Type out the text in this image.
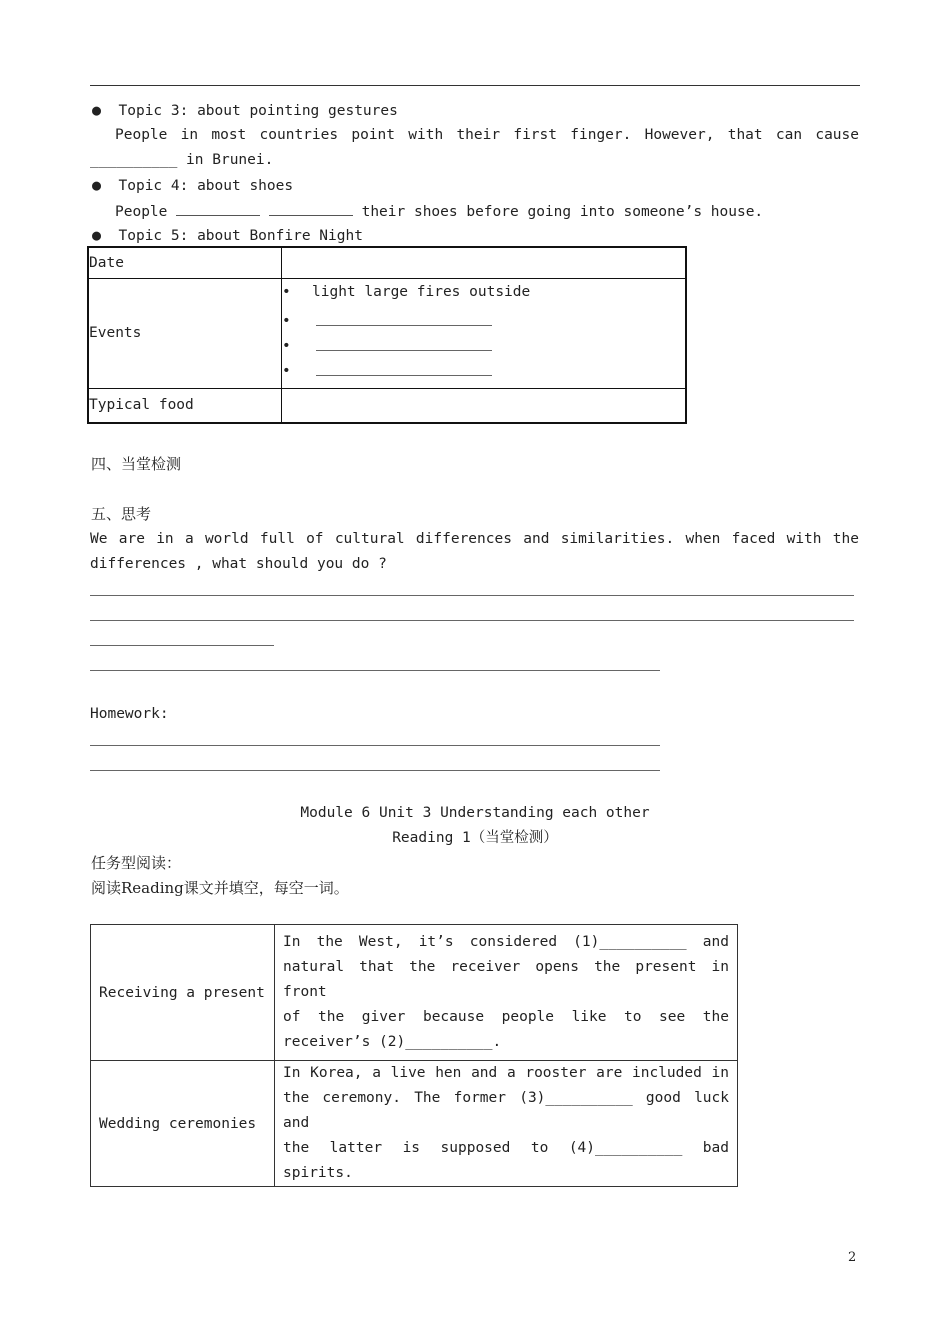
● Topic 3: about pointing gestures
People in most countries point with their first finger. However, that can cause
__________ in Brunei.
● Topic 4: about shoes
People	their shoes before going into someone’s house.
● Topic 5: about Bonfire Night
Date	
Events	• light large fires outside
•
•
•

Typical food	
四、当堂检测
五、思考
We are in a world full of cultural differences and similarities. when faced with the
differences , what should you do ?
Homework:
Module 6 Unit 3 Understanding each other
Reading 1（当堂检测）
任务型阅读：
阅读Reading课文并填空，每空一词。
Receiving a present	In the West, it’s considered (1)__________ and
natural that the receiver opens the present in front
of the giver because people like to see the
receiver’s (2)__________.

Wedding ceremonies	In Korea, a live hen and a rooster are included in
the ceremony. The former (3)__________ good luck and
the latter is supposed to (4)__________ bad spirits.
2
